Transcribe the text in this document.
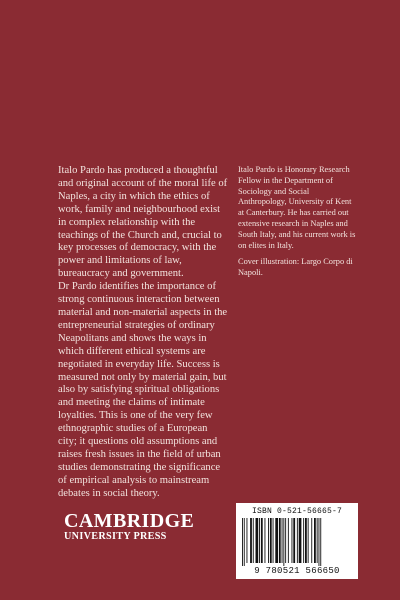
Italo Pardo has produced a thoughtful and original account of the moral life of Naples, a city in which the ethics of work, family and neighbourhood exist in complex relationship with the teachings of the Church and, crucial to key processes of democracy, with the power and limitations of law, bureaucracy and government.

Dr Pardo identifies the importance of strong continuous interaction between material and non-material aspects in the entrepreneurial strategies of ordinary Neapolitans and shows the ways in which different ethical systems are negotiated in everyday life. Success is measured not only by material gain, but also by satisfying spiritual obligations and meeting the claims of intimate loyalties. This is one of the very few ethnographic studies of a European city; it questions old assumptions and raises fresh issues in the field of urban studies demonstrating the significance of empirical analysis to mainstream debates in social theory.

Italo Pardo is Honorary Research Fellow in the Department of Sociology and Social Anthropology, University of Kent at Canterbury. He has carried out extensive research in Naples and South Italy, and his current work is on elites in Italy.

Cover illustration: Largo Corpo di Napoli.

CAMBRIDGE
UNIVERSITY PRESS
ISBN 0-521-56665-7
9 780521 566650
